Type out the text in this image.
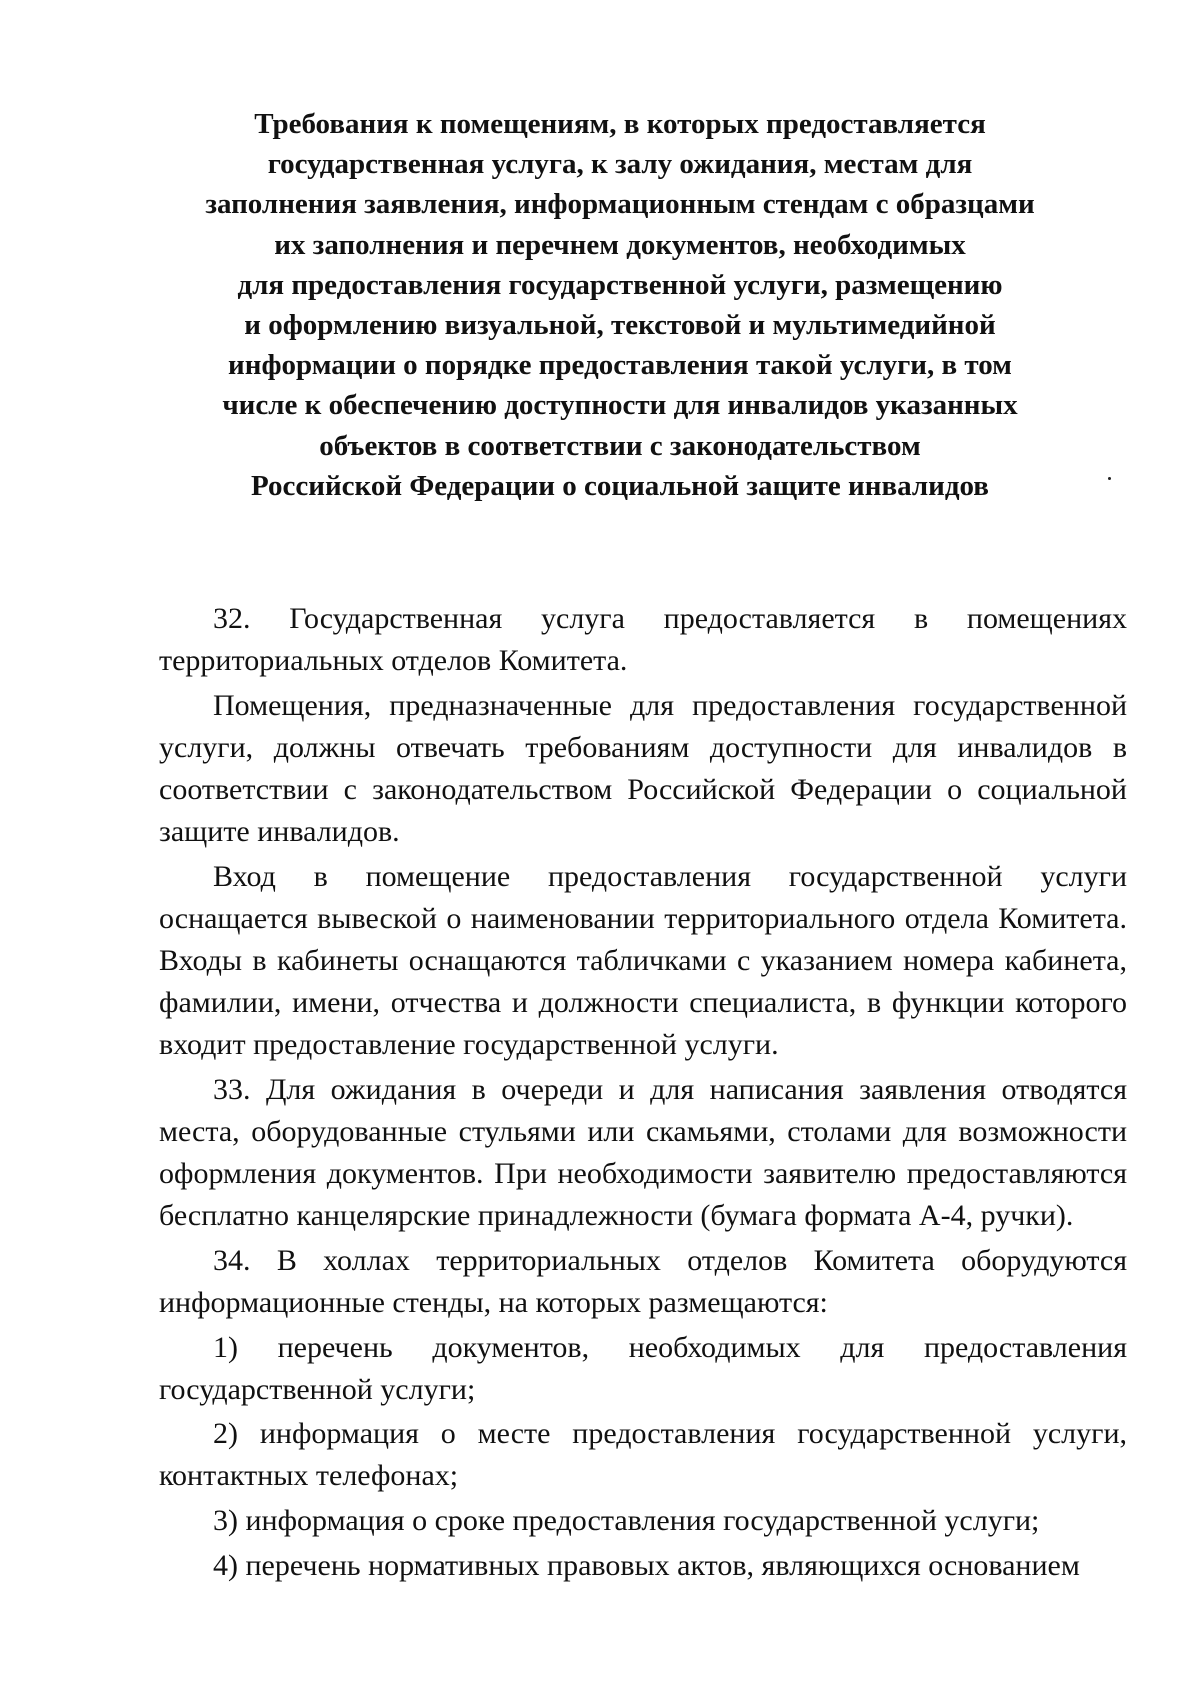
Требования к помещениям, в которых предоставляется
государственная услуга, к залу ожидания, местам для
заполнения заявления, информационным стендам с образцами
их заполнения и перечнем документов, необходимых
для предоставления государственной услуги, размещению
и оформлению визуальной, текстовой и мультимедийной
информации о порядке предоставления такой услуги, в том
числе к обеспечению доступности для инвалидов указанных
объектов в соответствии с законодательством
Российской Федерации о социальной защите инвалидов

32. Государственная услуга предоставляется в помещениях территориальных отделов Комитета.

Помещения, предназначенные для предоставления государственной услуги, должны отвечать требованиям доступности для инвалидов в соответствии с законодательством Российской Федерации о социальной защите инвалидов.

Вход в помещение предоставления государственной услуги оснащается вывеской о наименовании территориального отдела Комитета. Входы в кабинеты оснащаются табличками с указанием номера кабинета, фамилии, имени, отчества и должности специалиста, в функции которого входит предоставление государственной услуги.

33. Для ожидания в очереди и для написания заявления отводятся места, оборудованные стульями или скамьями, столами для возможности оформления документов. При необходимости заявителю предоставляются бесплатно канцелярские принадлежности (бумага формата А-4, ручки).

34. В холлах территориальных отделов Комитета оборудуются информационные стенды, на которых размещаются:

1) перечень документов, необходимых для предоставления государственной услуги;

2) информация о месте предоставления государственной услуги, контактных телефонах;

3) информация о сроке предоставления государственной услуги;

4) перечень нормативных правовых актов, являющихся основанием
